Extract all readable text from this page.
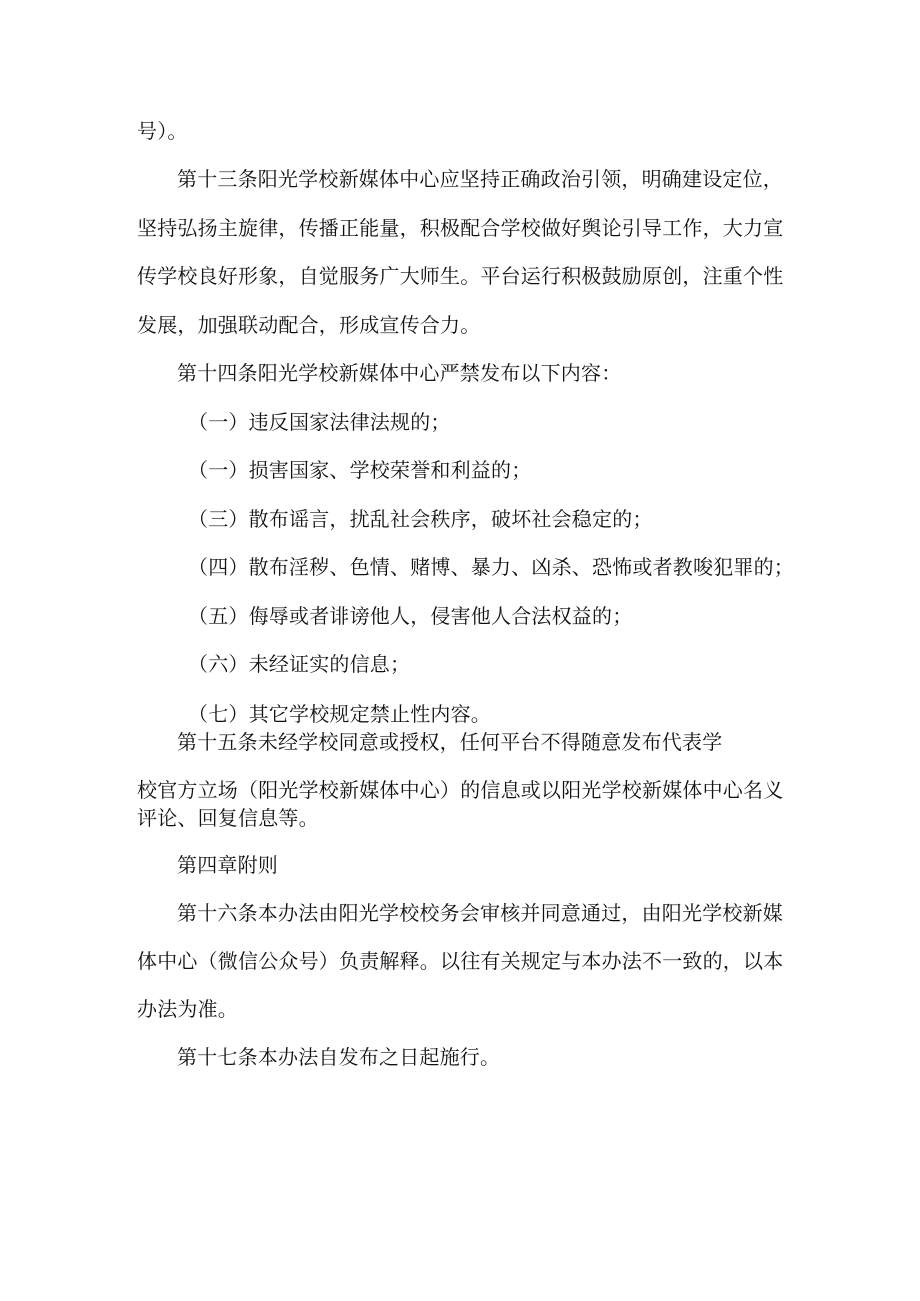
号）。
第十三条阳光学校新媒体中心应坚持正确政治引领，明确建设定位，
坚持弘扬主旋律，传播正能量，积极配合学校做好舆论引导工作，大力宣
传学校良好形象，自觉服务广大师生。平台运行积极鼓励原创，注重个性
发展，加强联动配合，形成宣传合力。
第十四条阳光学校新媒体中心严禁发布以下内容：
（一）违反国家法律法规的；
（一）损害国家、学校荣誉和利益的；
（三）散布谣言，扰乱社会秩序，破坏社会稳定的；
（四）散布淫秽、色情、赌博、暴力、凶杀、恐怖或者教唆犯罪的；
（五）侮辱或者诽谤他人，侵害他人合法权益的；
（六）未经证实的信息；
（七）其它学校规定禁止性内容。
第十五条未经学校同意或授权，任何平台不得随意发布代表学
校官方立场（阳光学校新媒体中心）的信息或以阳光学校新媒体中心名义
评论、回复信息等。
第四章附则
第十六条本办法由阳光学校校务会审核并同意通过，由阳光学校新媒
体中心（微信公众号）负责解释。以往有关规定与本办法不一致的，以本
办法为准。
第十七条本办法自发布之日起施行。
